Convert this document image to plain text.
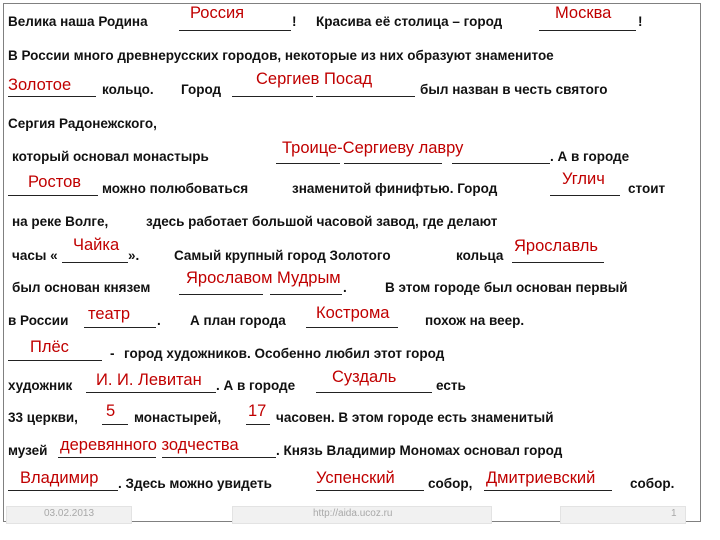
Велика наша Родина	Россия	! Красива её столица – город	Москва !
В России много древнерусских городов, некоторые из них образуют знаменитое
Золотое кольцо. Город
Сергиев Посад
был назван в честь святого
Сергия Радонежского,
который основал монастырь	Троице-Сергиеву лавру	. А в городе
Ростов можно полюбоваться	знаменитой финифтью. Город
Углич
стоит
на реке Волге,	здесь работает большой часовой завод, где делают
часы «
Чайка
».	Самый крупный город Золотого	кольца
Ярославль
был основан князем
Ярославом Мудрым
.	В этом городе был основан первый
в России театр . А план города Кострома	похож на веер.
Плёс	- город художников. Особенно любил этот город
художник И. И. Левитан . А в городе Суздаль	есть
33 церкви, 5 монастырей, 17 часовен. В этом городе есть знаменитый
музей деревянного зодчества	. Князь Владимир Мономах основал город
Владимир . Здесь можно увидеть	Успенский собор, Дмитриевский	собор.
03.02.2013	http://aida.ucoz.ru	1
